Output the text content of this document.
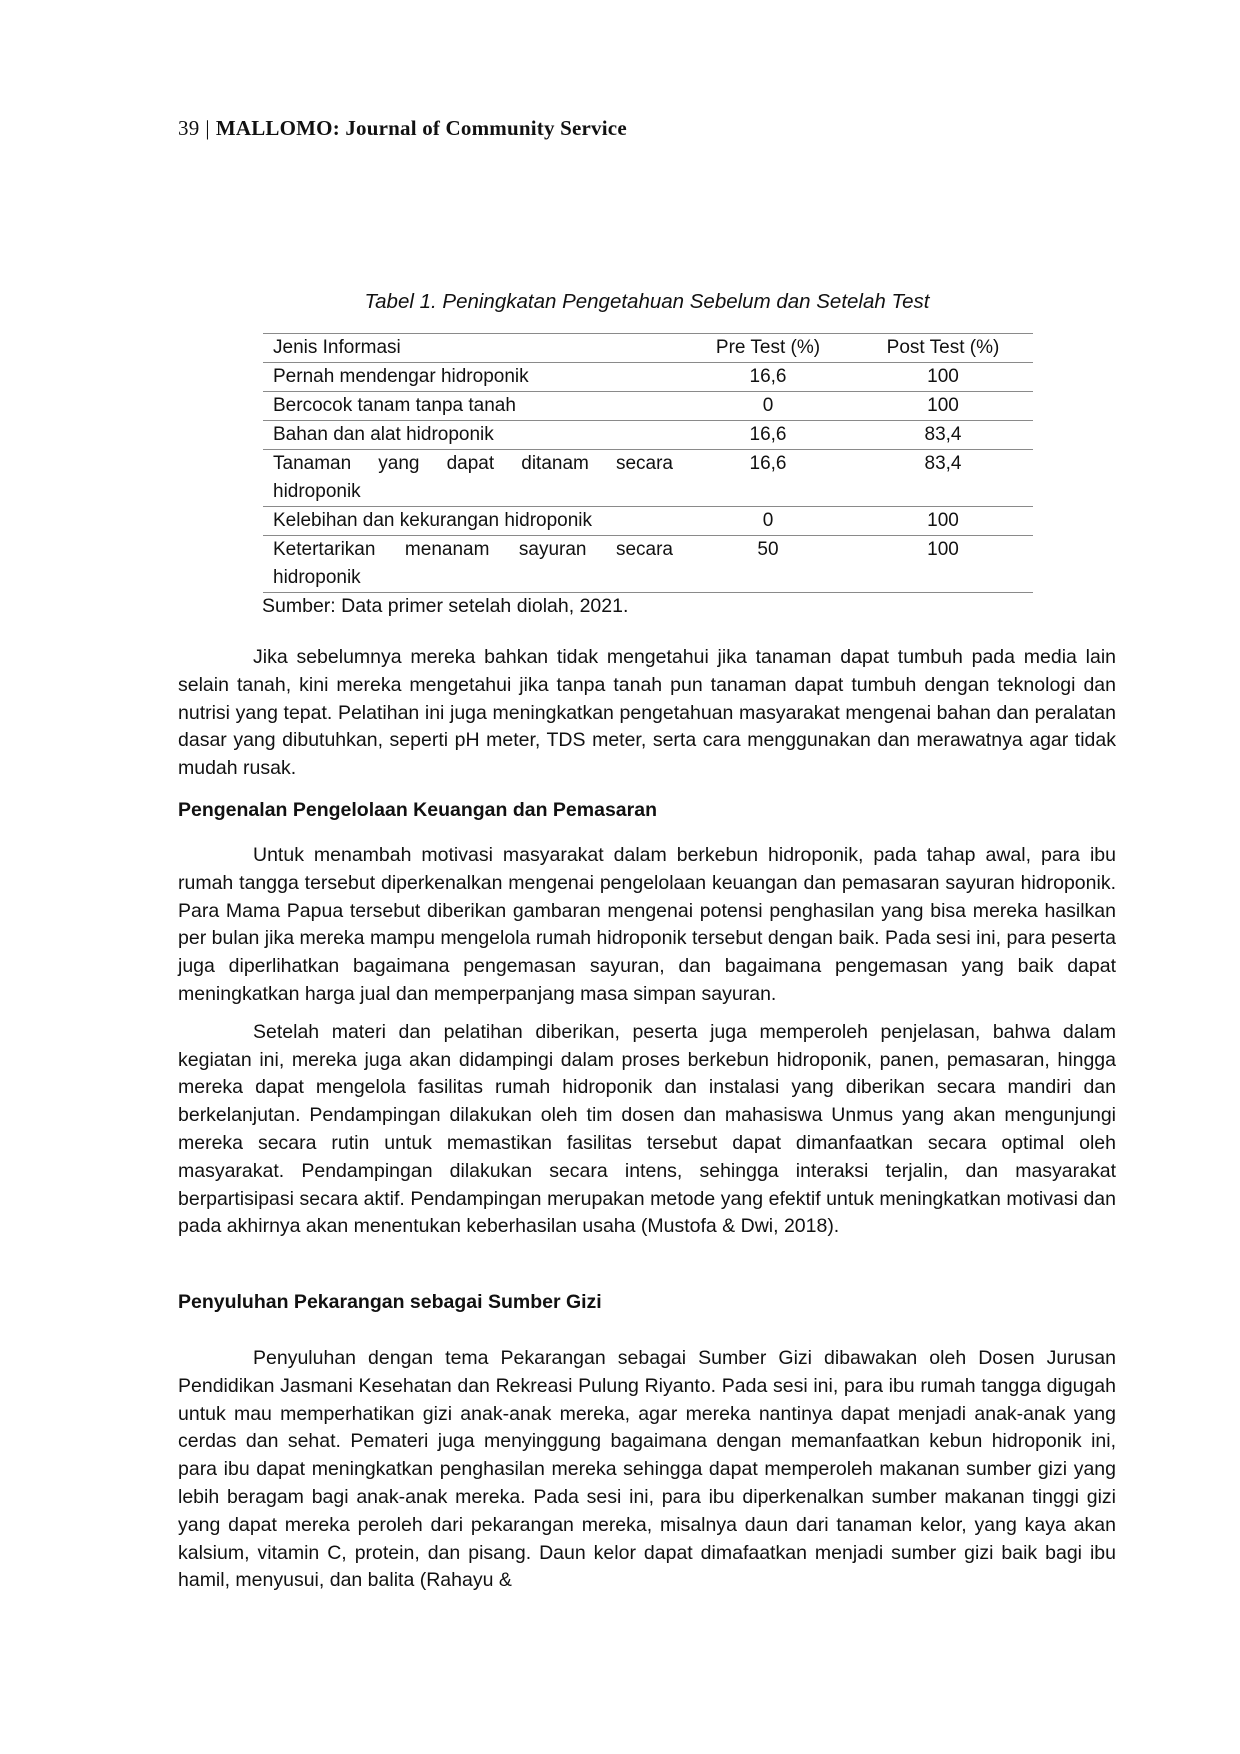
39 | MALLOMO: Journal of Community Service
Tabel 1. Peningkatan Pengetahuan Sebelum dan Setelah Test
Jenis Informasi	Pre Test (%)	Post Test (%)
Pernah mendengar hidroponik	16,6	100
Bercocok tanam tanpa tanah	0	100
Bahan dan alat hidroponik	16,6	83,4
Tanaman yang dapat ditanam secara hidroponik	16,6	83,4
Kelebihan dan kekurangan hidroponik	0	100
Ketertarikan menanam sayuran secara hidroponik	50	100
Sumber: Data primer setelah diolah, 2021.

Jika sebelumnya mereka bahkan tidak mengetahui jika tanaman dapat tumbuh pada media lain selain tanah, kini mereka mengetahui jika tanpa tanah pun tanaman dapat tumbuh dengan teknologi dan nutrisi yang tepat. Pelatihan ini juga meningkatkan pengetahuan masyarakat mengenai bahan dan peralatan dasar yang dibutuhkan, seperti pH meter, TDS meter, serta cara menggunakan dan merawatnya agar tidak mudah rusak.

Pengenalan Pengelolaan Keuangan dan Pemasaran

Untuk menambah motivasi masyarakat dalam berkebun hidroponik, pada tahap awal, para ibu rumah tangga tersebut diperkenalkan mengenai pengelolaan keuangan dan pemasaran sayuran hidroponik. Para Mama Papua tersebut diberikan gambaran mengenai potensi penghasilan yang bisa mereka hasilkan per bulan jika mereka mampu mengelola rumah hidroponik tersebut dengan baik. Pada sesi ini, para peserta juga diperlihatkan bagaimana pengemasan sayuran, dan bagaimana pengemasan yang baik dapat meningkatkan harga jual dan memperpanjang masa simpan sayuran.

Setelah materi dan pelatihan diberikan, peserta juga memperoleh penjelasan, bahwa dalam kegiatan ini, mereka juga akan didampingi dalam proses berkebun hidroponik, panen, pemasaran, hingga mereka dapat mengelola fasilitas rumah hidroponik dan instalasi yang diberikan secara mandiri dan berkelanjutan. Pendampingan dilakukan oleh tim dosen dan mahasiswa Unmus yang akan mengunjungi mereka secara rutin untuk memastikan fasilitas tersebut dapat dimanfaatkan secara optimal oleh masyarakat. Pendampingan dilakukan secara intens, sehingga interaksi terjalin, dan masyarakat berpartisipasi secara aktif. Pendampingan merupakan metode yang efektif untuk meningkatkan motivasi dan pada akhirnya akan menentukan keberhasilan usaha (Mustofa & Dwi, 2018).

Penyuluhan Pekarangan sebagai Sumber Gizi

Penyuluhan dengan tema Pekarangan sebagai Sumber Gizi dibawakan oleh Dosen Jurusan Pendidikan Jasmani Kesehatan dan Rekreasi Pulung Riyanto. Pada sesi ini, para ibu rumah tangga digugah untuk mau memperhatikan gizi anak-anak mereka, agar mereka nantinya dapat menjadi anak-anak yang cerdas dan sehat. Pemateri juga menyinggung bagaimana dengan memanfaatkan kebun hidroponik ini, para ibu dapat meningkatkan penghasilan mereka sehingga dapat memperoleh makanan sumber gizi yang lebih beragam bagi anak-anak mereka. Pada sesi ini, para ibu diperkenalkan sumber makanan tinggi gizi yang dapat mereka peroleh dari pekarangan mereka, misalnya daun dari tanaman kelor, yang kaya akan kalsium, vitamin C, protein, dan pisang. Daun kelor dapat dimafaatkan menjadi sumber gizi baik bagi ibu hamil, menyusui, dan balita (Rahayu &
